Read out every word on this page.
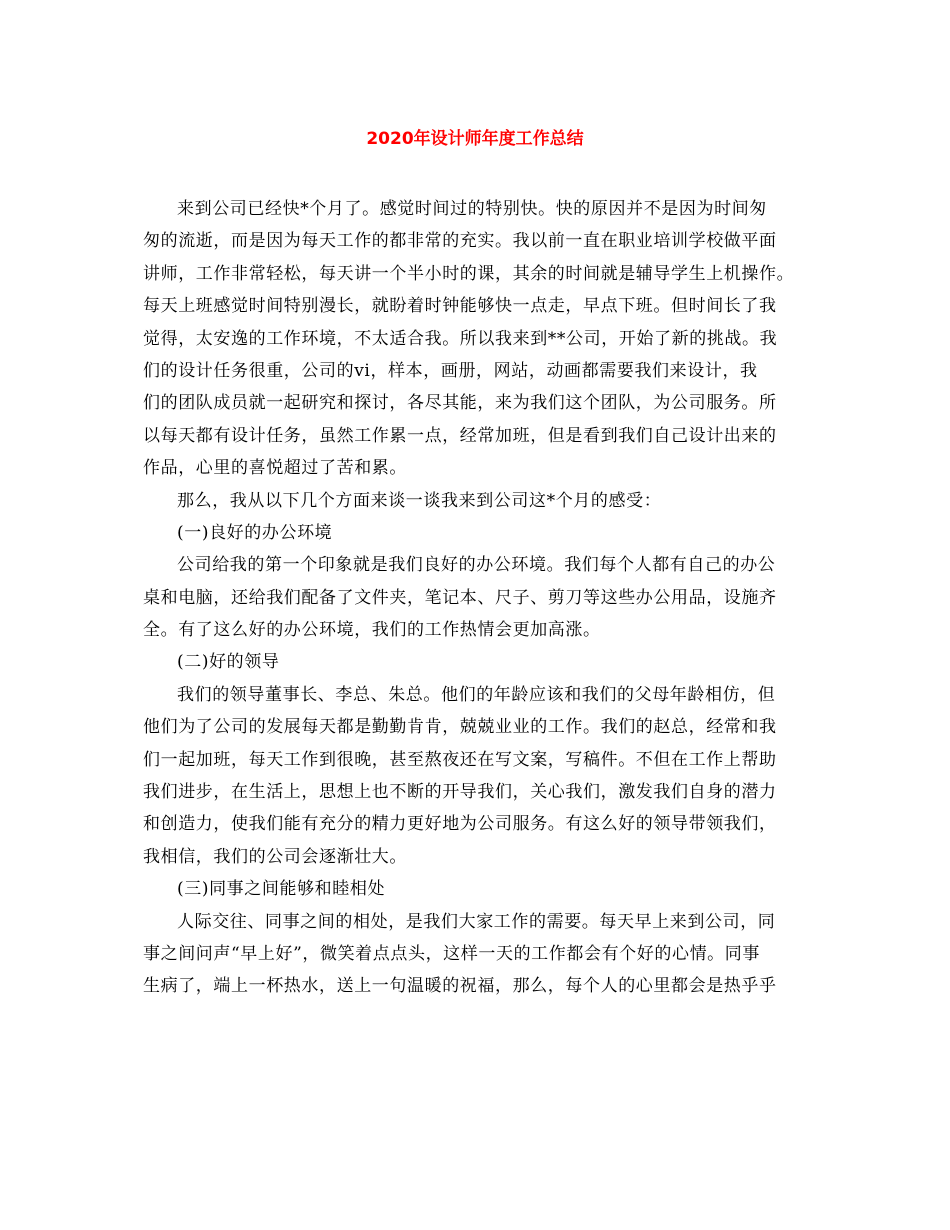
2020年设计师年度工作总结
来到公司已经快*个月了。感觉时间过的特别快。快的原因并不是因为时间匆
匆的流逝，而是因为每天工作的都非常的充实。我以前一直在职业培训学校做平面
讲师，工作非常轻松，每天讲一个半小时的课，其余的时间就是辅导学生上机操作。
每天上班感觉时间特别漫长，就盼着时钟能够快一点走，早点下班。但时间长了我
觉得，太安逸的工作环境，不太适合我。所以我来到**公司，开始了新的挑战。我
们的设计任务很重，公司的vi，样本，画册，网站，动画都需要我们来设计，我
们的团队成员就一起研究和探讨，各尽其能，来为我们这个团队，为公司服务。所
以每天都有设计任务，虽然工作累一点，经常加班，但是看到我们自己设计出来的
作品，心里的喜悦超过了苦和累。
那么，我从以下几个方面来谈一谈我来到公司这*个月的感受：
(一)良好的办公环境
公司给我的第一个印象就是我们良好的办公环境。我们每个人都有自己的办公
桌和电脑，还给我们配备了文件夹，笔记本、尺子、剪刀等这些办公用品，设施齐
全。有了这么好的办公环境，我们的工作热情会更加高涨。
(二)好的领导
我们的领导董事长、李总、朱总。他们的年龄应该和我们的父母年龄相仿，但
他们为了公司的发展每天都是勤勤肯肯，兢兢业业的工作。我们的赵总，经常和我
们一起加班，每天工作到很晚，甚至熬夜还在写文案，写稿件。不但在工作上帮助
我们进步，在生活上，思想上也不断的开导我们，关心我们，激发我们自身的潜力
和创造力，使我们能有充分的精力更好地为公司服务。有这么好的领导带领我们，
我相信，我们的公司会逐渐壮大。
(三)同事之间能够和睦相处
人际交往、同事之间的相处，是我们大家工作的需要。每天早上来到公司，同
事之间问声“早上好”，微笑着点点头，这样一天的工作都会有个好的心情。同事
生病了，端上一杯热水，送上一句温暖的祝福，那么，每个人的心里都会是热乎乎
